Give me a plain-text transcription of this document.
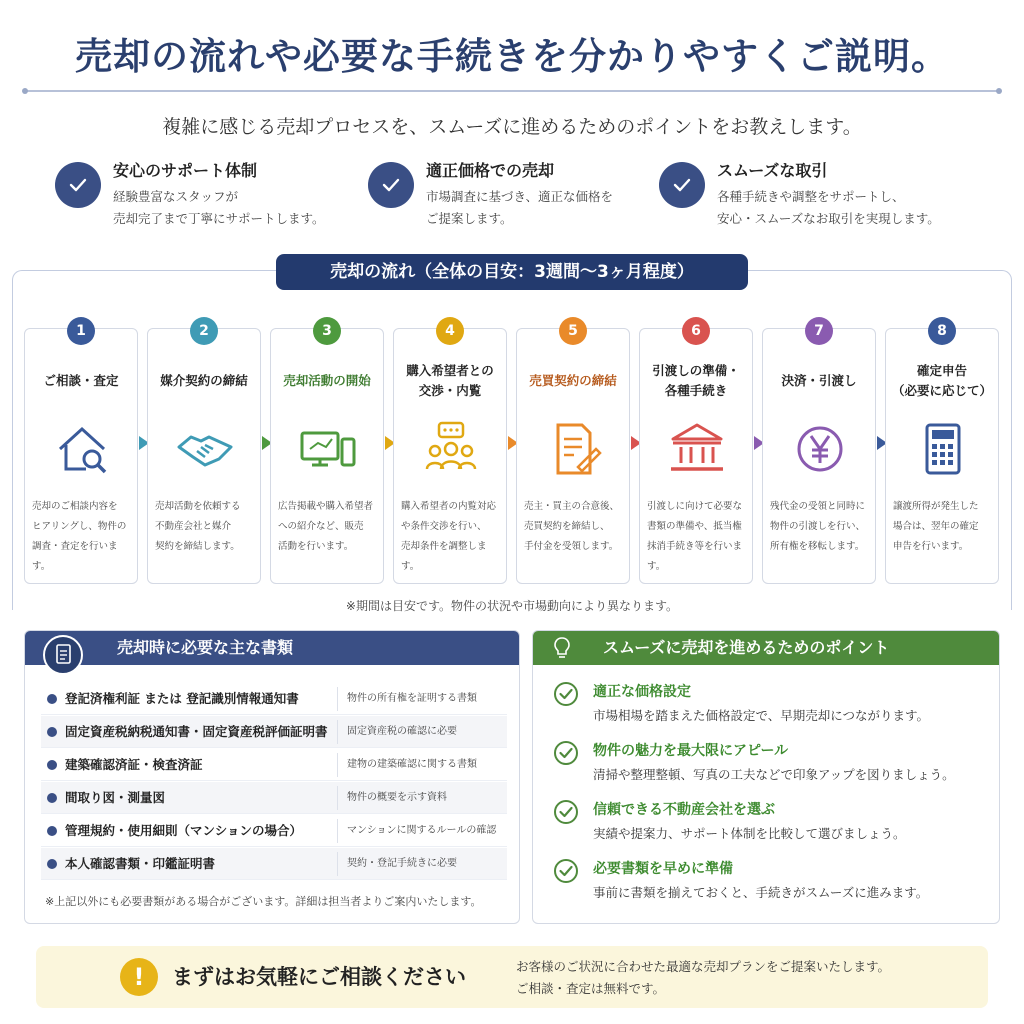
売却の流れや必要な手続きを分かりやすくご説明。
複雑に感じる売却プロセスを、スムーズに進めるためのポイントをお教えします。
安心のサポート体制
経験豊富なスタッフが
売却完了まで丁寧にサポートします。
適正価格での売却
市場調査に基づき、適正な価格を
ご提案します。
スムーズな取引
各種手続きや調整をサポートし、
安心・スムーズなお取引を実現します。
売却の流れ（全体の目安：3週間〜3ヶ月程度）
1
ご相談・査定
売却のご相談内容を
ヒアリングし、物件の
調査・査定を行います。
2
媒介契約の締結
売却活動を依頼する
不動産会社と媒介
契約を締結します。
3
売却活動の開始
広告掲載や購入希望者
への紹介など、販売
活動を行います。
4
購入希望者との
交渉・内覧
購入希望者の内覧対応
や条件交渉を行い、
売却条件を調整します。
5
売買契約の締結
売主・買主の合意後、
売買契約を締結し、
手付金を受領します。
6
引渡しの準備・
各種手続き
引渡しに向けて必要な
書類の準備や、抵当権
抹消手続き等を行います。
7
決済・引渡し
残代金の受領と同時に
物件の引渡しを行い、
所有権を移転します。
8
確定申告
（必要に応じて）
譲渡所得が発生した
場合は、翌年の確定
申告を行います。
※期間は目安です。物件の状況や市場動向により異なります。
売却時に必要な主な書類
登記済権利証 または 登記識別情報通知書	物件の所有権を証明する書類
固定資産税納税通知書・固定資産税評価証明書 固定資産税の確認に必要
建築確認済証・検査済証	建物の建築確認に関する書類
間取り図・測量図	物件の概要を示す資料
管理規約・使用細則（マンションの場合）	マンションに関するルールの確認
本人確認書類・印鑑証明書	契約・登記手続きに必要
※上記以外にも必要書類がある場合がございます。詳細は担当者よりご案内いたします。
スムーズに売却を進めるためのポイント
適正な価格設定
市場相場を踏まえた価格設定で、早期売却につながります。
物件の魅力を最大限にアピール
清掃や整理整頓、写真の工夫などで印象アップを図りましょう。
信頼できる不動産会社を選ぶ
実績や提案力、サポート体制を比較して選びましょう。
必要書類を早めに準備
事前に書類を揃えておくと、手続きがスムーズに進みます。
!	まずはお気軽にご相談ください	お客様のご状況に合わせた最適な売却プランをご提案いたします。
ご相談・査定は無料です。
